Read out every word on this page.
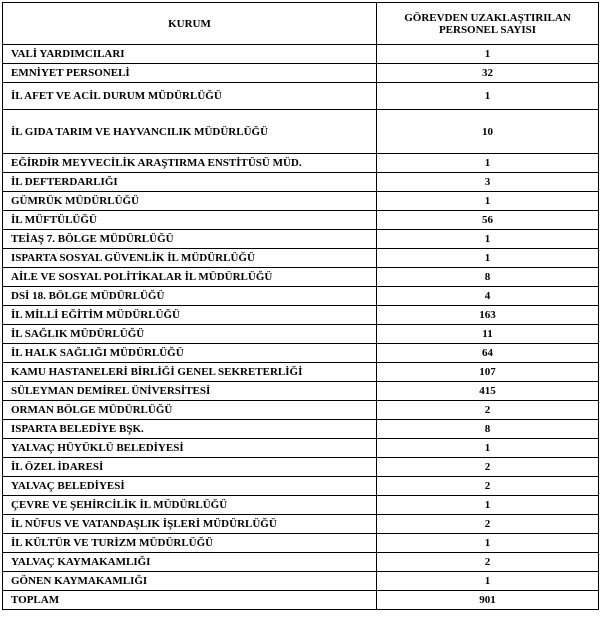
KURUM	GÖREVDEN UZAKLAŞTIRILAN PERSONEL SAYISI
VALİ YARDIMCILARI	1
EMNİYET PERSONELİ	32
İL AFET VE ACİL DURUM MÜDÜRLÜĞÜ	1
İL GIDA TARIM VE HAYVANCILIK MÜDÜRLÜĞÜ	10
EĞİRDİR MEYVECİLİK ARAŞTIRMA ENSTİTÜSÜ MÜD.	1
İL DEFTERDARLIĞI	3
GÜMRÜK MÜDÜRLÜĞÜ	1
İL MÜFTÜLÜĞÜ	56
TEİAŞ 7. BÖLGE MÜDÜRLÜĞÜ	1
ISPARTA SOSYAL GÜVENLİK İL MÜDÜRLÜĞÜ	1
AİLE VE SOSYAL POLİTİKALAR İL MÜDÜRLÜĞÜ	8
DSİ 18. BÖLGE MÜDÜRLÜĞÜ	4
İL MİLLİ EĞİTİM MÜDÜRLÜĞÜ	163
İL SAĞLIK MÜDÜRLÜĞÜ	11
İL HALK SAĞLIĞI MÜDÜRLÜĞÜ	64
KAMU HASTANELERİ BİRLİĞİ GENEL SEKRETERLİĞİ	107
SÜLEYMAN DEMİREL ÜNİVERSİTESİ	415
ORMAN BÖLGE MÜDÜRLÜĞÜ	2
ISPARTA BELEDİYE BŞK.	8
YALVAÇ HÜYÜKLÜ BELEDİYESİ	1
İL ÖZEL İDARESİ	2
YALVAÇ BELEDİYESİ	2
ÇEVRE VE ŞEHİRCİLİK İL MÜDÜRLÜĞÜ	1
İL NÜFUS VE VATANDAŞLIK İŞLERİ MÜDÜRLÜĞÜ	2
İL KÜLTÜR VE TURİZM MÜDÜRLÜĞÜ	1
YALVAÇ KAYMAKAMLIĞI	2
GÖNEN KAYMAKAMLIĞI	1
TOPLAM	901
